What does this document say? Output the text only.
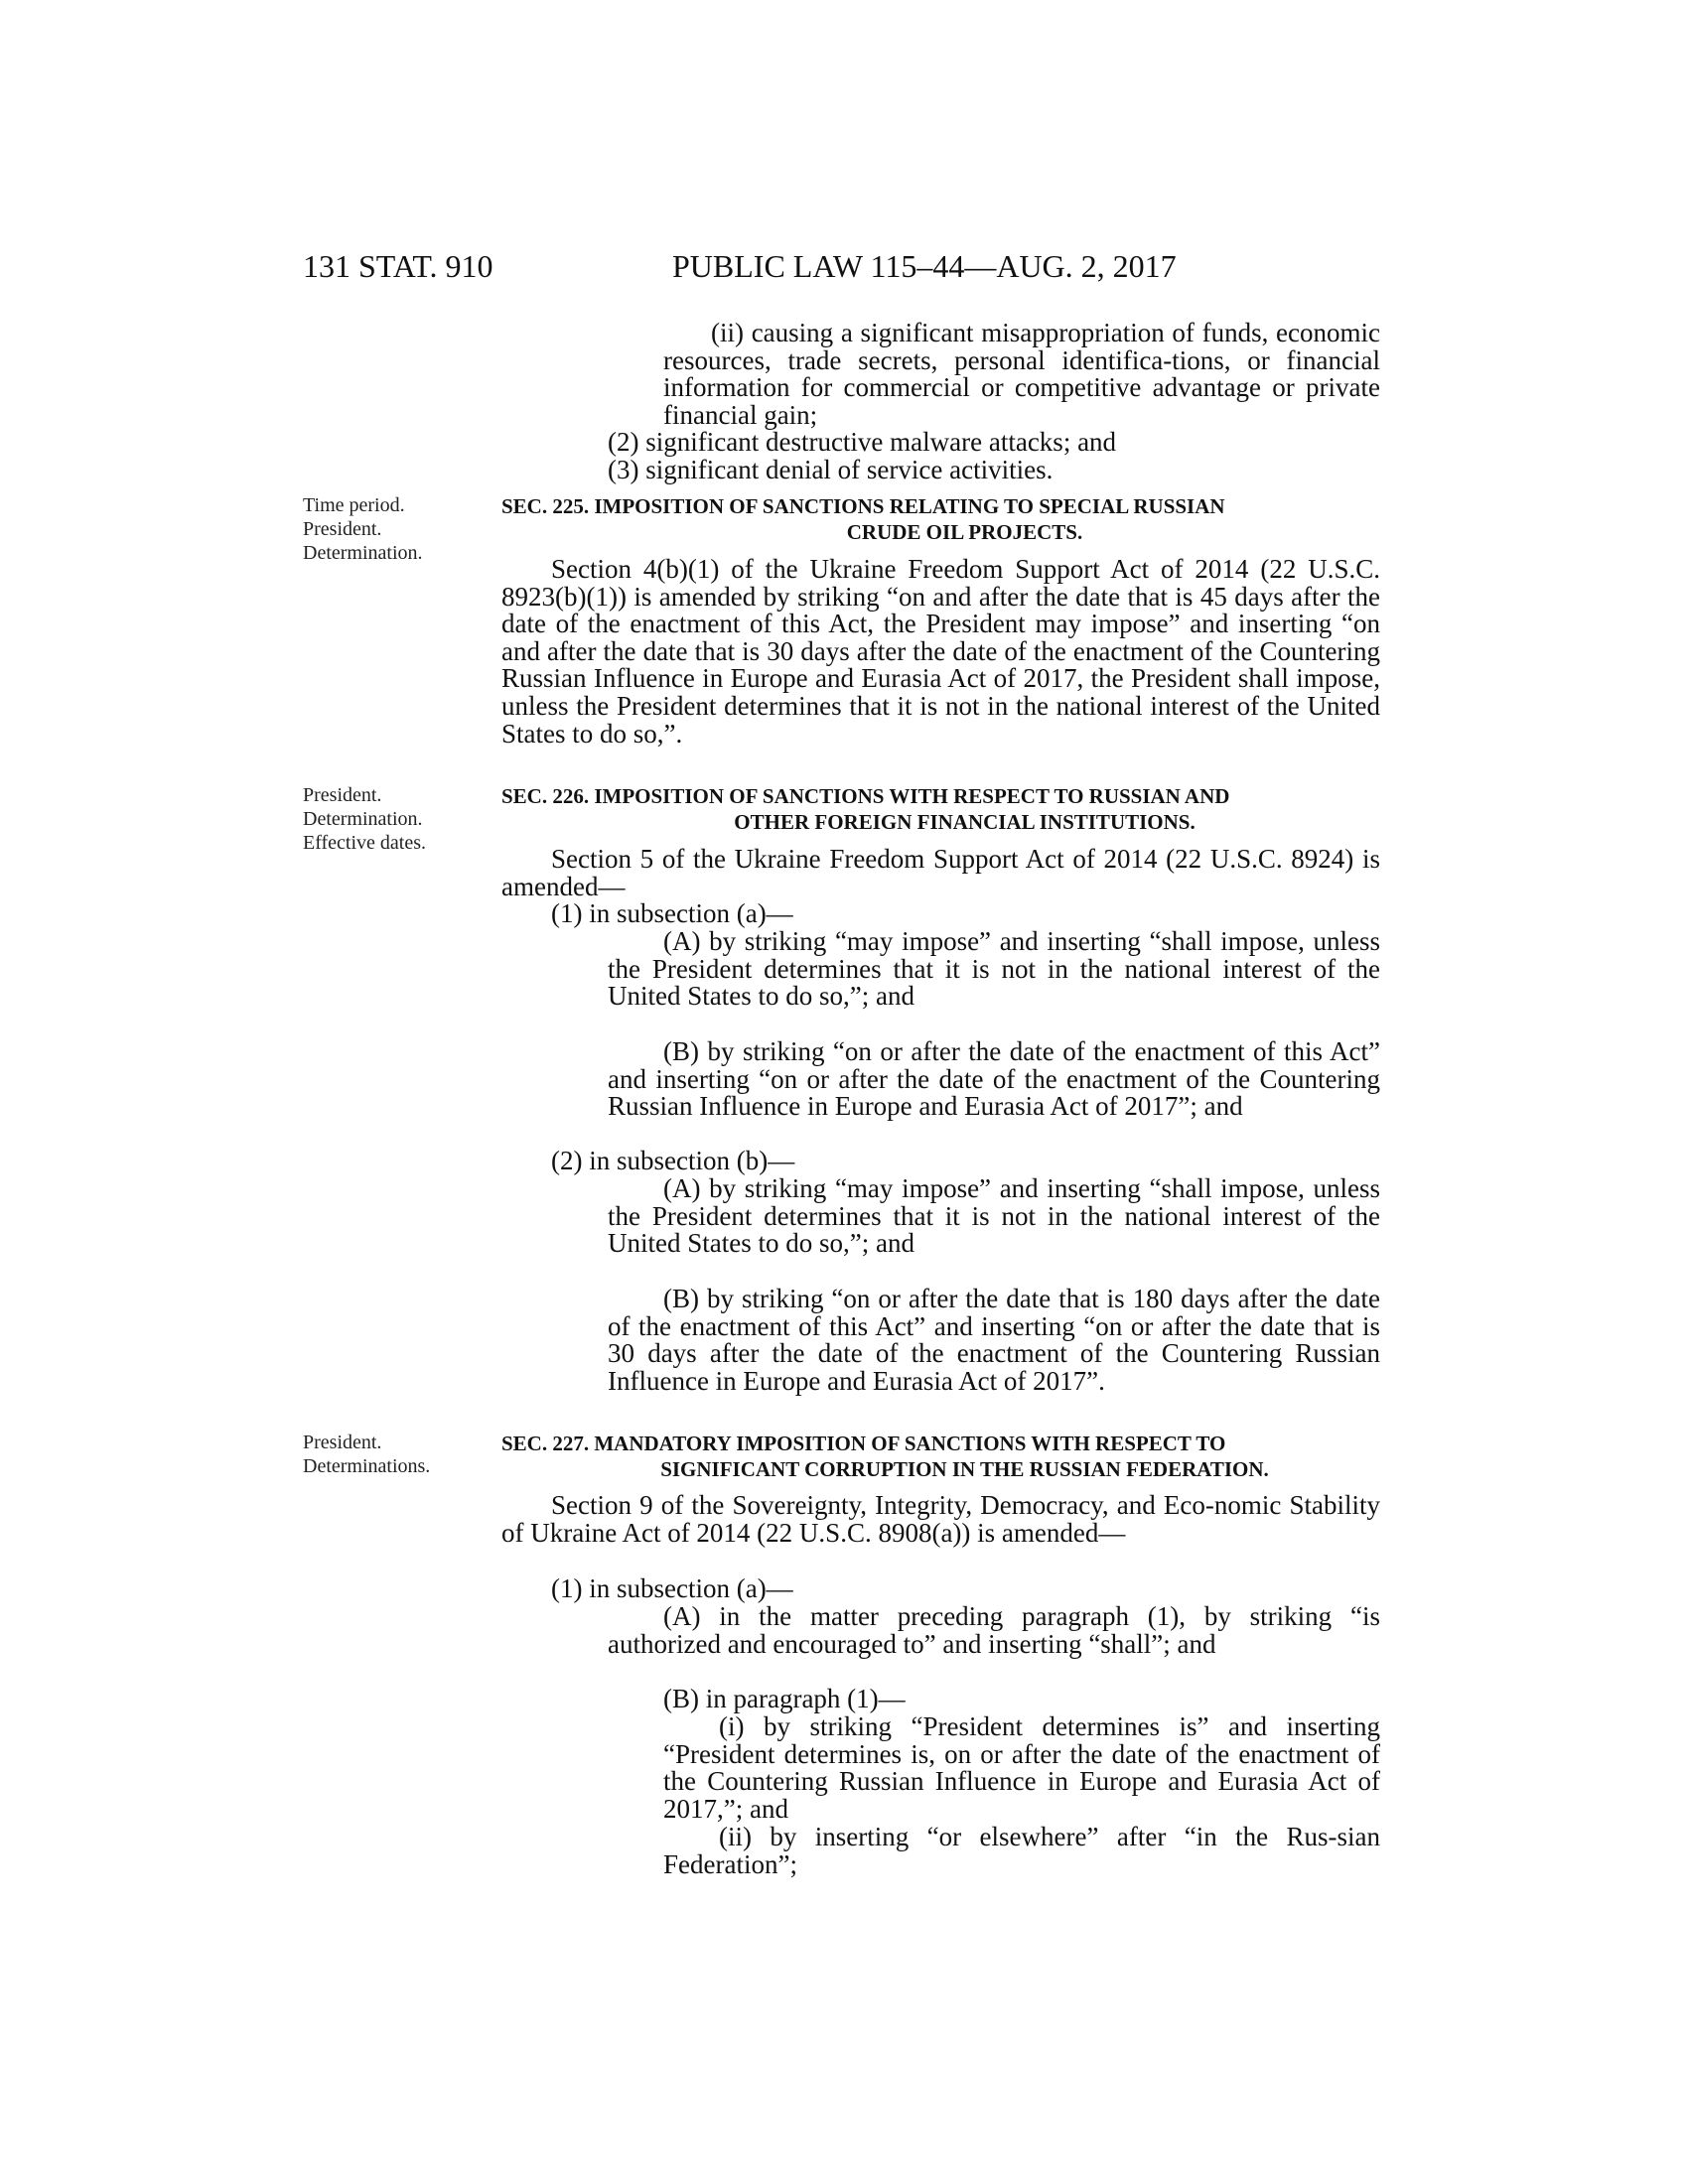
131 STAT. 910	PUBLIC LAW 115–44—AUG. 2, 2017
(ii) causing a significant misappropriation of funds, economic resources, trade secrets, personal identifica-tions, or financial information for commercial or competitive advantage or private financial gain;
(2) significant destructive malware attacks; and
(3) significant denial of service activities.
Time period.
President.
Determination.
SEC. 225. IMPOSITION OF SANCTIONS RELATING TO SPECIAL RUSSIAN
CRUDE OIL PROJECTS.
Section 4(b)(1) of the Ukraine Freedom Support Act of 2014 (22 U.S.C. 8923(b)(1)) is amended by striking “on and after the date that is 45 days after the date of the enactment of this Act, the President may impose” and inserting “on and after the date that is 30 days after the date of the enactment of the Countering Russian Influence in Europe and Eurasia Act of 2017, the President shall impose, unless the President determines that it is not in the national interest of the United States to do so,”.
President.
Determination.
Effective dates.
SEC. 226. IMPOSITION OF SANCTIONS WITH RESPECT TO RUSSIAN AND
OTHER FOREIGN FINANCIAL INSTITUTIONS.
Section 5 of the Ukraine Freedom Support Act of 2014 (22 U.S.C. 8924) is amended—
(1) in subsection (a)—
(A) by striking “may impose” and inserting “shall impose, unless the President determines that it is not in the national interest of the United States to do so,”; and
(B) by striking “on or after the date of the enactment of this Act” and inserting “on or after the date of the enactment of the Countering Russian Influence in Europe and Eurasia Act of 2017”; and
(2) in subsection (b)—
(A) by striking “may impose” and inserting “shall impose, unless the President determines that it is not in the national interest of the United States to do so,”; and
(B) by striking “on or after the date that is 180 days after the date of the enactment of this Act” and inserting “on or after the date that is 30 days after the date of the enactment of the Countering Russian Influence in Europe and Eurasia Act of 2017”.
President.
Determinations.
SEC. 227. MANDATORY IMPOSITION OF SANCTIONS WITH RESPECT TO
SIGNIFICANT CORRUPTION IN THE RUSSIAN FEDERATION.
Section 9 of the Sovereignty, Integrity, Democracy, and Eco-nomic Stability of Ukraine Act of 2014 (22 U.S.C. 8908(a)) is amended—
(1) in subsection (a)—
(A) in the matter preceding paragraph (1), by striking “is authorized and encouraged to” and inserting “shall”; and
(B) in paragraph (1)—
(i) by striking “President determines is” and inserting “President determines is, on or after the date of the enactment of the Countering Russian Influence in Europe and Eurasia Act of 2017,”; and
(ii) by inserting “or elsewhere” after “in the Rus-sian Federation”;
